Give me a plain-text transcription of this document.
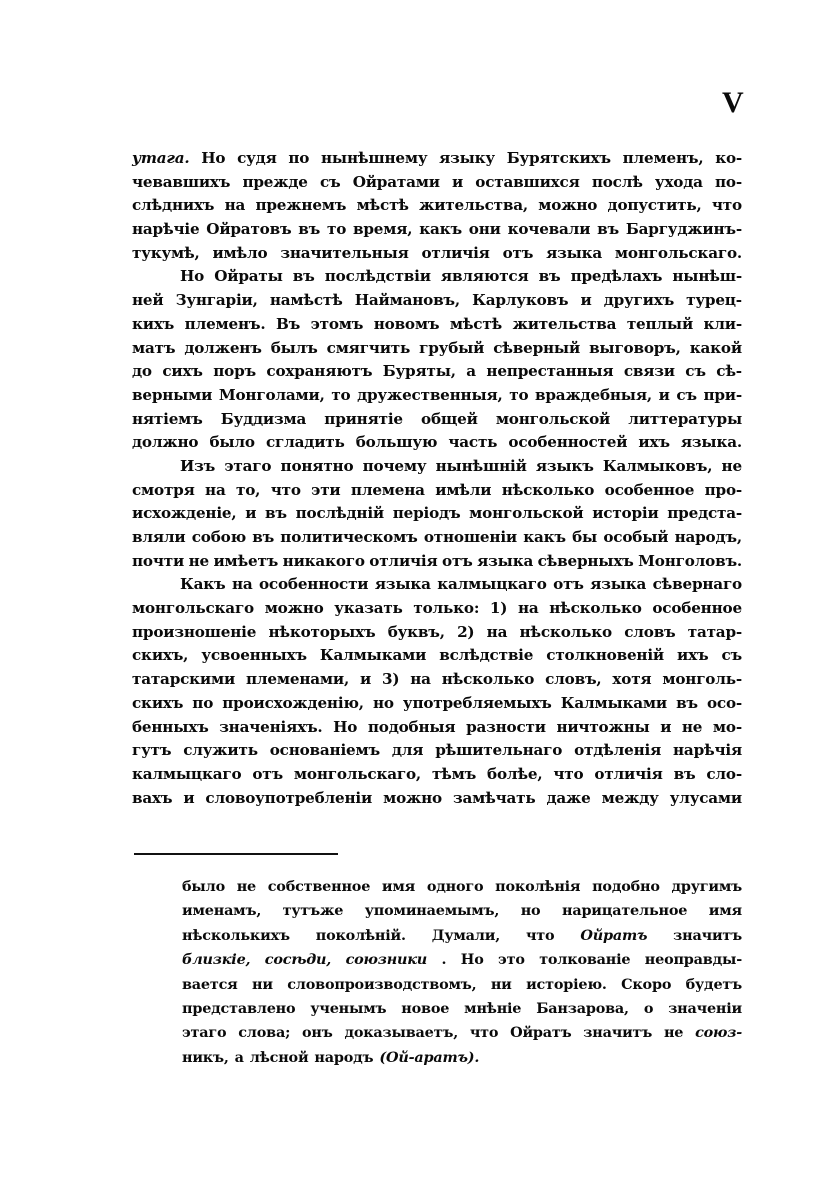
V
утага. Но судя по нынѣшнему языку Бурятскихъ племенъ, ко-
чевавшихъ прежде съ Ойратами и оставшихся послѣ ухода по-
слѣднихъ на прежнемъ мѣстѣ жительства, можно допустить, что
нарѣчіе Ойратовъ въ то время, какъ они кочевали въ Баргуджинъ-
тукумѣ, имѣло значительныя отличія отъ языка монгольскаго.
Но Ойраты въ послѣдствіи являются въ предѣлахъ нынѣш-
ней Зунгаріи, намѣстѣ Наймановъ, Карлуковъ и другихъ турец-
кихъ племенъ. Въ этомъ новомъ мѣстѣ жительства теплый кли-
матъ долженъ былъ смягчить грубый сѣверный выговоръ, какой
до сихъ поръ сохраняютъ Буряты, а непрестанныя связи съ сѣ-
верными Монголами, то дружественныя, то враждебныя, и съ при-
нятіемъ Буддизма принятіе общей монгольской литтературы
должно было сгладить большую часть особенностей ихъ языка.
Изъ этаго понятно почему нынѣшній языкъ Калмыковъ, не
смотря на то, что эти племена имѣли нѣсколько особенное про-
исхожденіе, и въ послѣдній періодъ монгольской исторіи предста-
вляли собою въ политическомъ отношеніи какъ бы особый народъ,
почти не имѣетъ никакого отличія отъ языка сѣверныхъ Монголовъ.
Какъ на особенности языка калмыцкаго отъ языка сѣвернаго
монгольскаго можно указать только: 1) на нѣсколько особенное
произношеніе нѣкоторыхъ буквъ, 2) на нѣсколько словъ татар-
скихъ, усвоенныхъ Калмыками вслѣдствіе столкновеній ихъ съ
татарскими племенами, и 3) на нѣсколько словъ, хотя монголь-
скихъ по происхожденію, но употребляемыхъ Калмыками въ осо-
бенныхъ значеніяхъ. Но подобныя разности ничтожны и не мо-
гутъ служить основаніемъ для рѣшительнаго отдѣленія нарѣчія
калмыцкаго отъ монгольскаго, тѣмъ болѣе, что отличія въ сло-
вахъ и словоупотребленіи можно замѣчать даже между улусами
было не собственное имя одного поколѣнія подобно другимъ
именамъ, тутъже упоминаемымъ, но нарицательное имя
нѣсколькихъ поколѣній. Думали, что Ойратъ значитъ
близкіе, сосѣди, союзники . Но это толкованіе неоправды-
вается ни словопроизводствомъ, ни исторіею. Скоро будетъ
представлено ученымъ новое мнѣніе Банзарова, о значеніи
этаго слова; онъ доказываетъ, что Ойратъ значитъ не союз-
никъ, а лѣсной народъ (Ой-аратъ).
